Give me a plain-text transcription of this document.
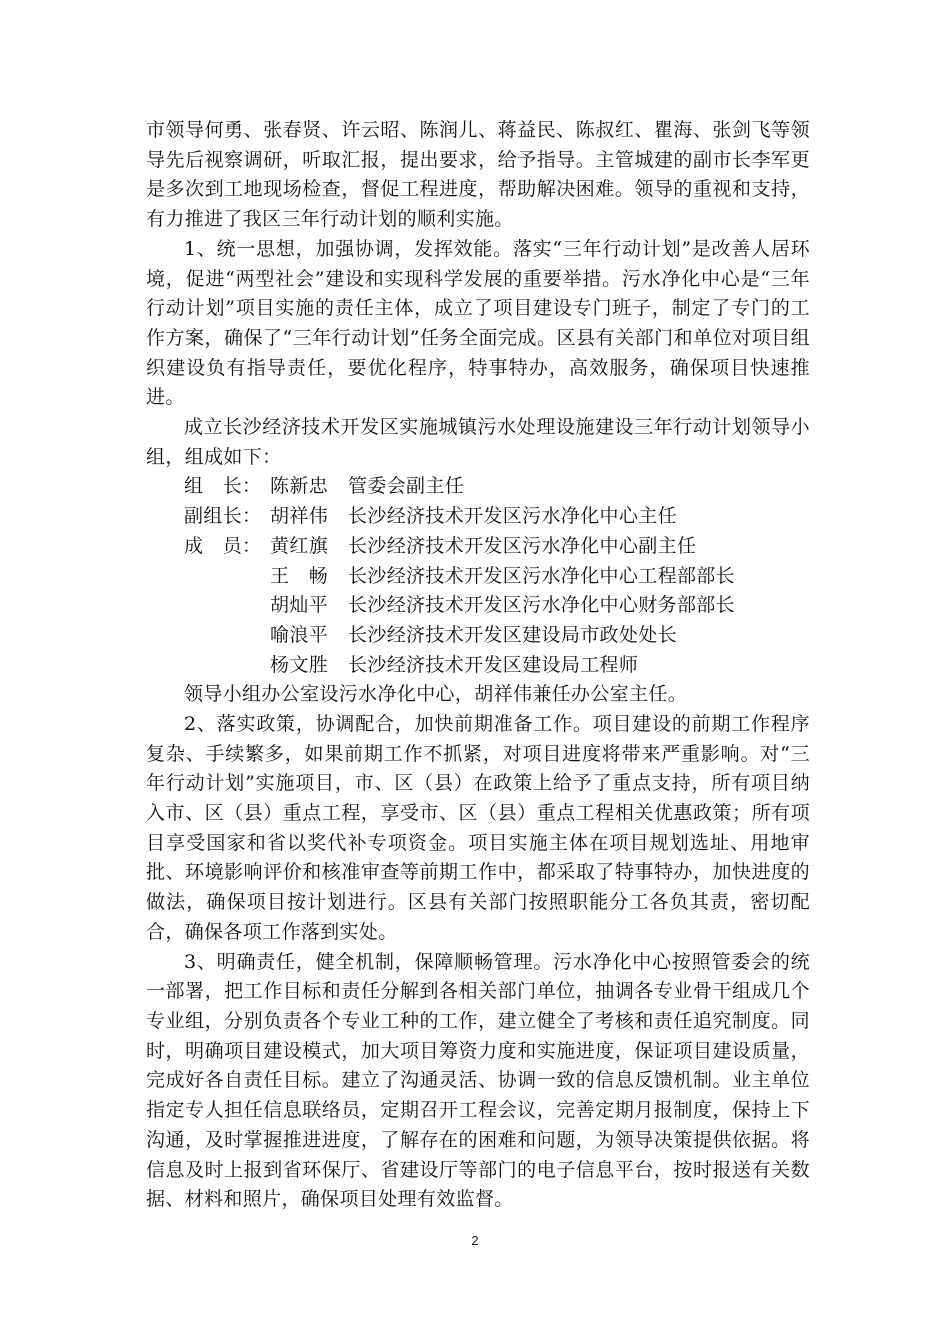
市领导何勇、张春贤、许云昭、陈润儿、蒋益民、陈叔红、瞿海、张剑飞等领导先后视察调研，听取汇报，提出要求，给予指导。主管城建的副市长李军更是多次到工地现场检查，督促工程进度，帮助解决困难。领导的重视和支持，有力推进了我区三年行动计划的顺利实施。

1、统一思想，加强协调，发挥效能。落实“三年行动计划”是改善人居环境，促进“两型社会”建设和实现科学发展的重要举措。污水净化中心是“三年行动计划”项目实施的责任主体，成立了项目建设专门班子，制定了专门的工作方案，确保了“三年行动计划”任务全面完成。区县有关部门和单位对项目组织建设负有指导责任，要优化程序，特事特办，高效服务，确保项目快速推进。

成立长沙经济技术开发区实施城镇污水处理设施建设三年行动计划领导小组，组成如下：

组　长： 陈新忠	管委会副主任
副组长： 胡祥伟	长沙经济技术开发区污水净化中心主任
成　员： 黄红旗	长沙经济技术开发区污水净化中心副主任
王　畅	长沙经济技术开发区污水净化中心工程部部长
胡灿平	长沙经济技术开发区污水净化中心财务部部长
喻浪平	长沙经济技术开发区建设局市政处处长
杨文胜	长沙经济技术开发区建设局工程师

领导小组办公室设污水净化中心，胡祥伟兼任办公室主任。

2、落实政策，协调配合，加快前期准备工作。项目建设的前期工作程序复杂、手续繁多，如果前期工作不抓紧，对项目进度将带来严重影响。对“三年行动计划”实施项目，市、区（县）在政策上给予了重点支持，所有项目纳入市、区（县）重点工程，享受市、区（县）重点工程相关优惠政策；所有项目享受国家和省以奖代补专项资金。项目实施主体在项目规划选址、用地审批、环境影响评价和核准审查等前期工作中，都采取了特事特办，加快进度的做法，确保项目按计划进行。区县有关部门按照职能分工各负其责，密切配合，确保各项工作落到实处。

3、明确责任，健全机制，保障顺畅管理。污水净化中心按照管委会的统一部署，把工作目标和责任分解到各相关部门单位，抽调各专业骨干组成几个专业组，分别负责各个专业工种的工作，建立健全了考核和责任追究制度。同时，明确项目建设模式，加大项目筹资力度和实施进度，保证项目建设质量，完成好各自责任目标。建立了沟通灵活、协调一致的信息反馈机制。业主单位指定专人担任信息联络员，定期召开工程会议，完善定期月报制度，保持上下沟通，及时掌握推进进度，了解存在的困难和问题，为领导决策提供依据。将信息及时上报到省环保厅、省建设厅等部门的电子信息平台，按时报送有关数据、材料和照片，确保项目处理有效监督。

2
